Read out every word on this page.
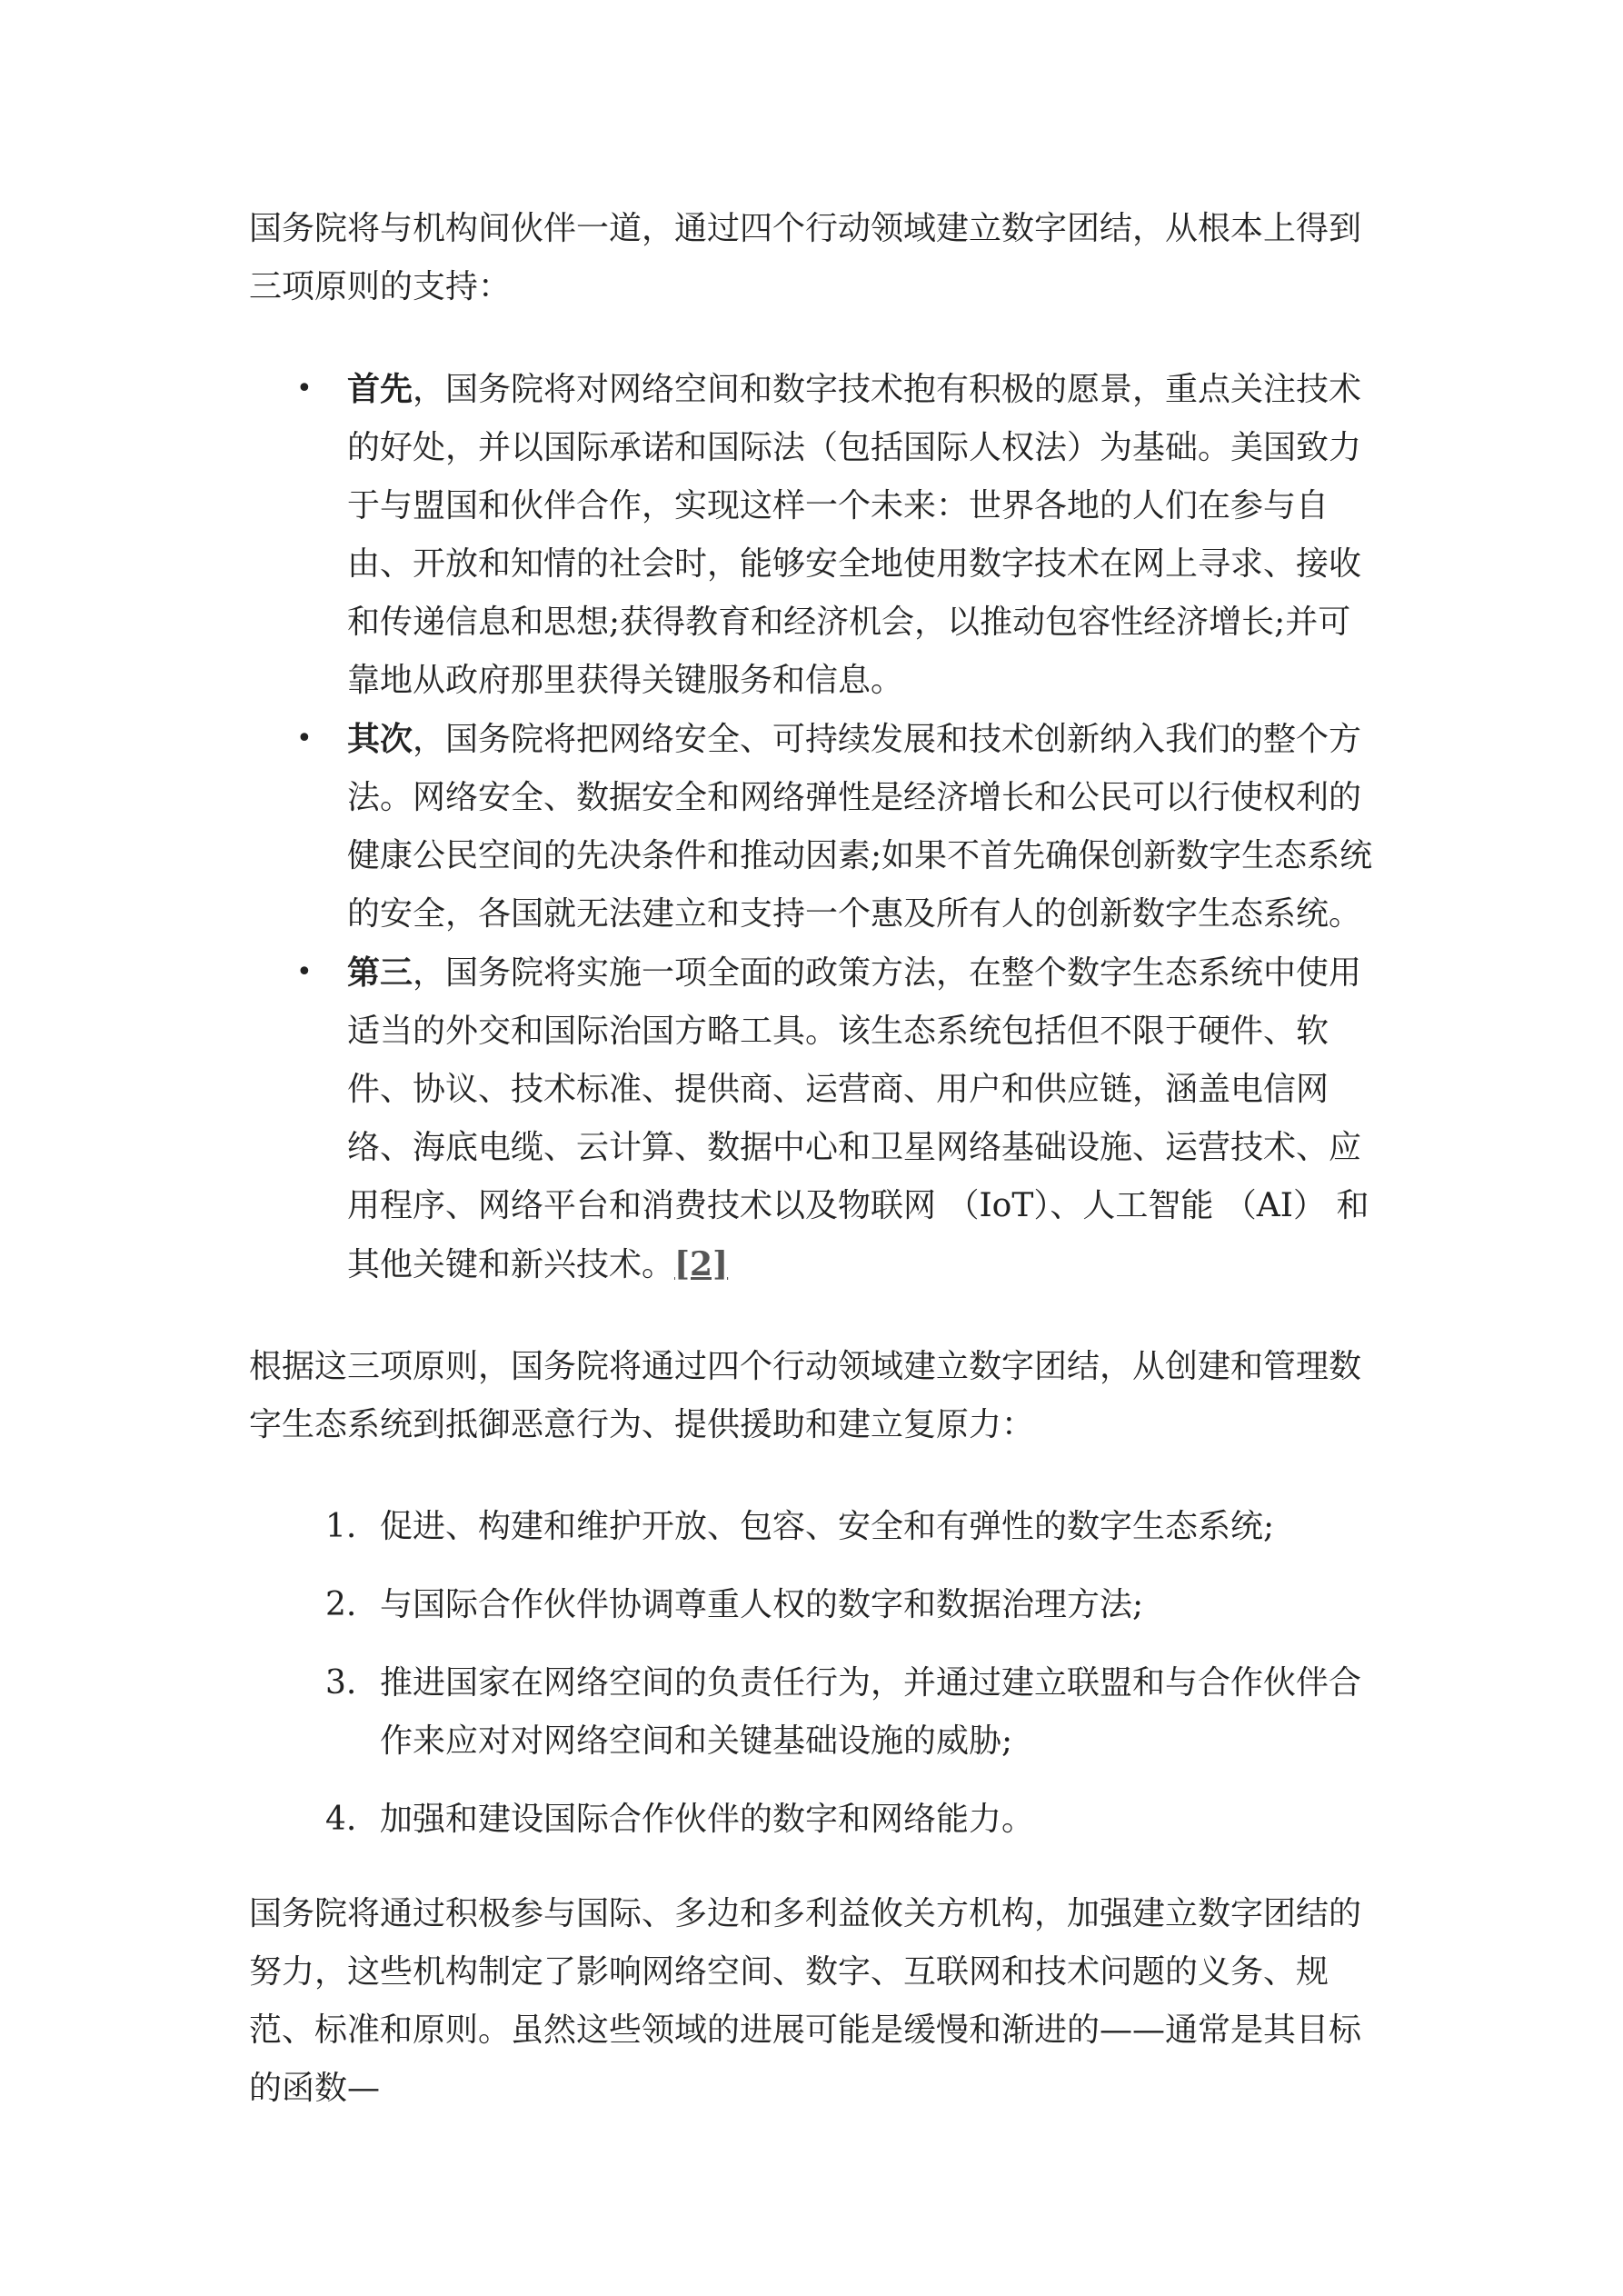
国务院将与机构间伙伴一道，通过四个行动领域建立数字团结，从根本上得到三项原则的支持：

• 首先，国务院将对网络空间和数字技术抱有积极的愿景，重点关注技术的好处，并以国际承诺和国际法（包括国际人权法）为基础。美国致力于与盟国和伙伴合作，实现这样一个未来：世界各地的人们在参与自由、开放和知情的社会时，能够安全地使用数字技术在网上寻求、接收和传递信息和思想;获得教育和经济机会，以推动包容性经济增长;并可靠地从政府那里获得关键服务和信息。
• 其次，国务院将把网络安全、可持续发展和技术创新纳入我们的整个方法。网络安全、数据安全和网络弹性是经济增长和公民可以行使权利的健康公民空间的先决条件和推动因素;如果不首先确保创新数字生态系统的安全，各国就无法建立和支持一个惠及所有人的创新数字生态系统。
• 第三，国务院将实施一项全面的政策方法，在整个数字生态系统中使用适当的外交和国际治国方略工具。该生态系统包括但不限于硬件、软件、协议、技术标准、提供商、运营商、用户和供应链，涵盖电信网络、海底电缆、云计算、数据中心和卫星网络基础设施、运营技术、应用程序、网络平台和消费技术以及物联网 （IoT）、人工智能 （AI） 和其他关键和新兴技术。[2]

根据这三项原则，国务院将通过四个行动领域建立数字团结，从创建和管理数字生态系统到抵御恶意行为、提供援助和建立复原力：

1. 促进、构建和维护开放、包容、安全和有弹性的数字生态系统;
2. 与国际合作伙伴协调尊重人权的数字和数据治理方法;
3. 推进国家在网络空间的负责任行为，并通过建立联盟和与合作伙伴合作来应对对网络空间和关键基础设施的威胁;
4. 加强和建设国际合作伙伴的数字和网络能力。

国务院将通过积极参与国际、多边和多利益攸关方机构，加强建立数字团结的努力，这些机构制定了影响网络空间、数字、互联网和技术问题的义务、规范、标准和原则。虽然这些领域的进展可能是缓慢和渐进的——通常是其目标的函数—
